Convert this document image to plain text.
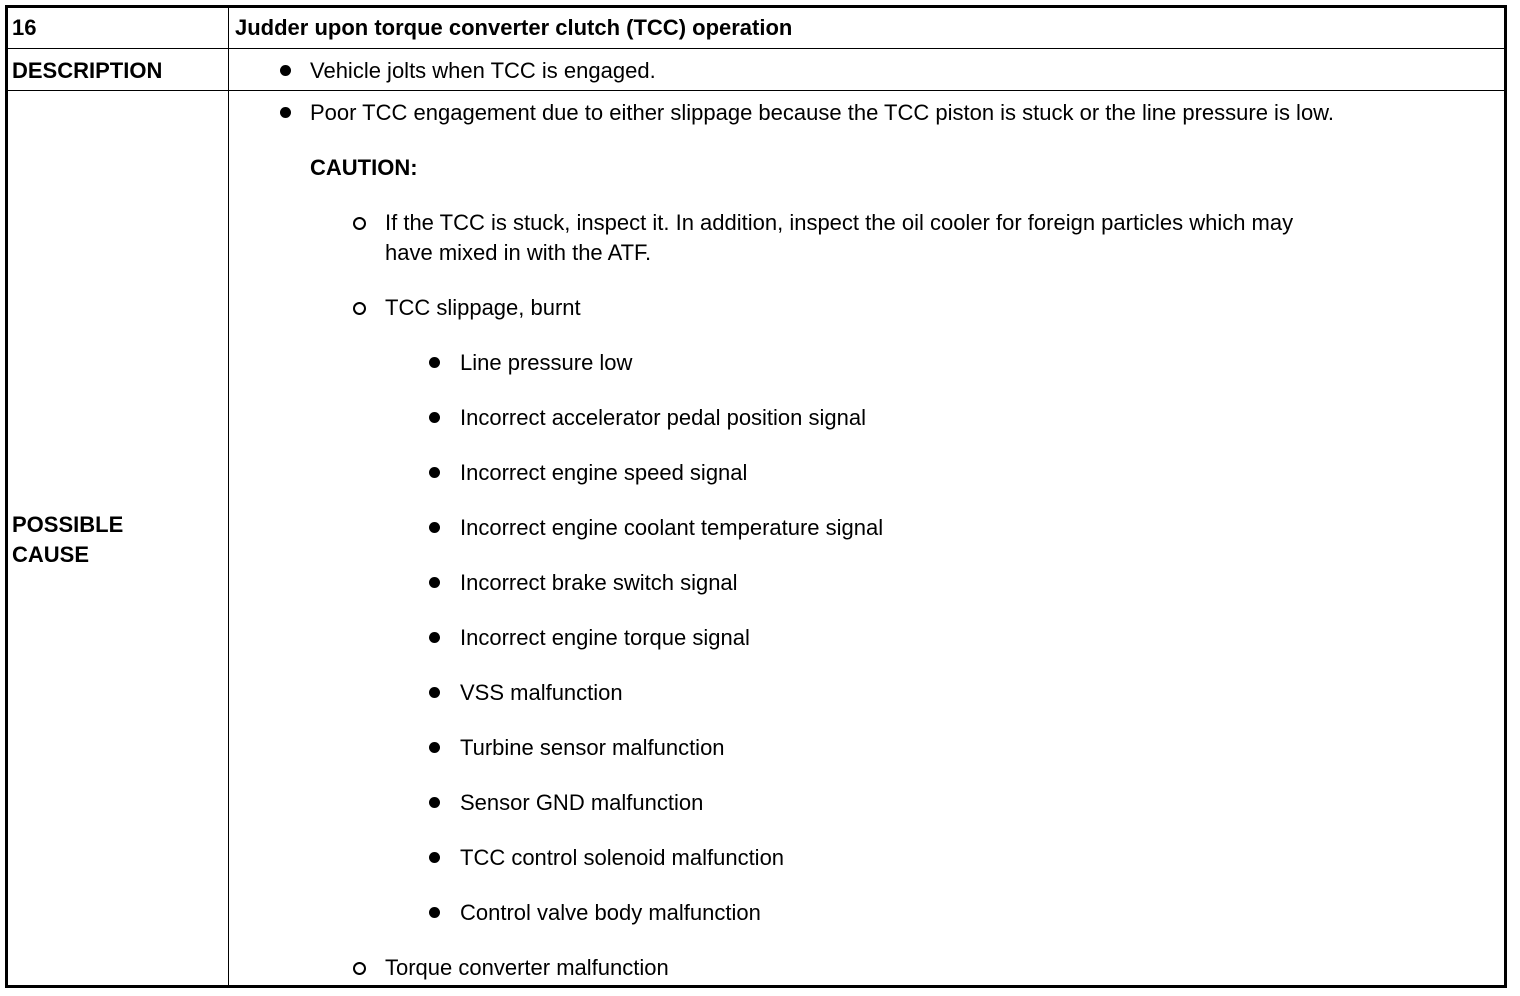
16	Judder upon torque converter clutch (TCC) operation
DESCRIPTION	Vehicle jolts when TCC is engaged.
POSSIBLE
CAUSE
Poor TCC engagement due to either slippage because the TCC piston is stuck or the line pressure is low.
CAUTION:
If the TCC is stuck, inspect it. In addition, inspect the oil cooler for foreign particles which may
have mixed in with the ATF.
TCC slippage, burnt
Line pressure low
Incorrect accelerator pedal position signal
Incorrect engine speed signal
Incorrect engine coolant temperature signal
Incorrect brake switch signal
Incorrect engine torque signal
VSS malfunction
Turbine sensor malfunction
Sensor GND malfunction
TCC control solenoid malfunction
Control valve body malfunction
Torque converter malfunction
